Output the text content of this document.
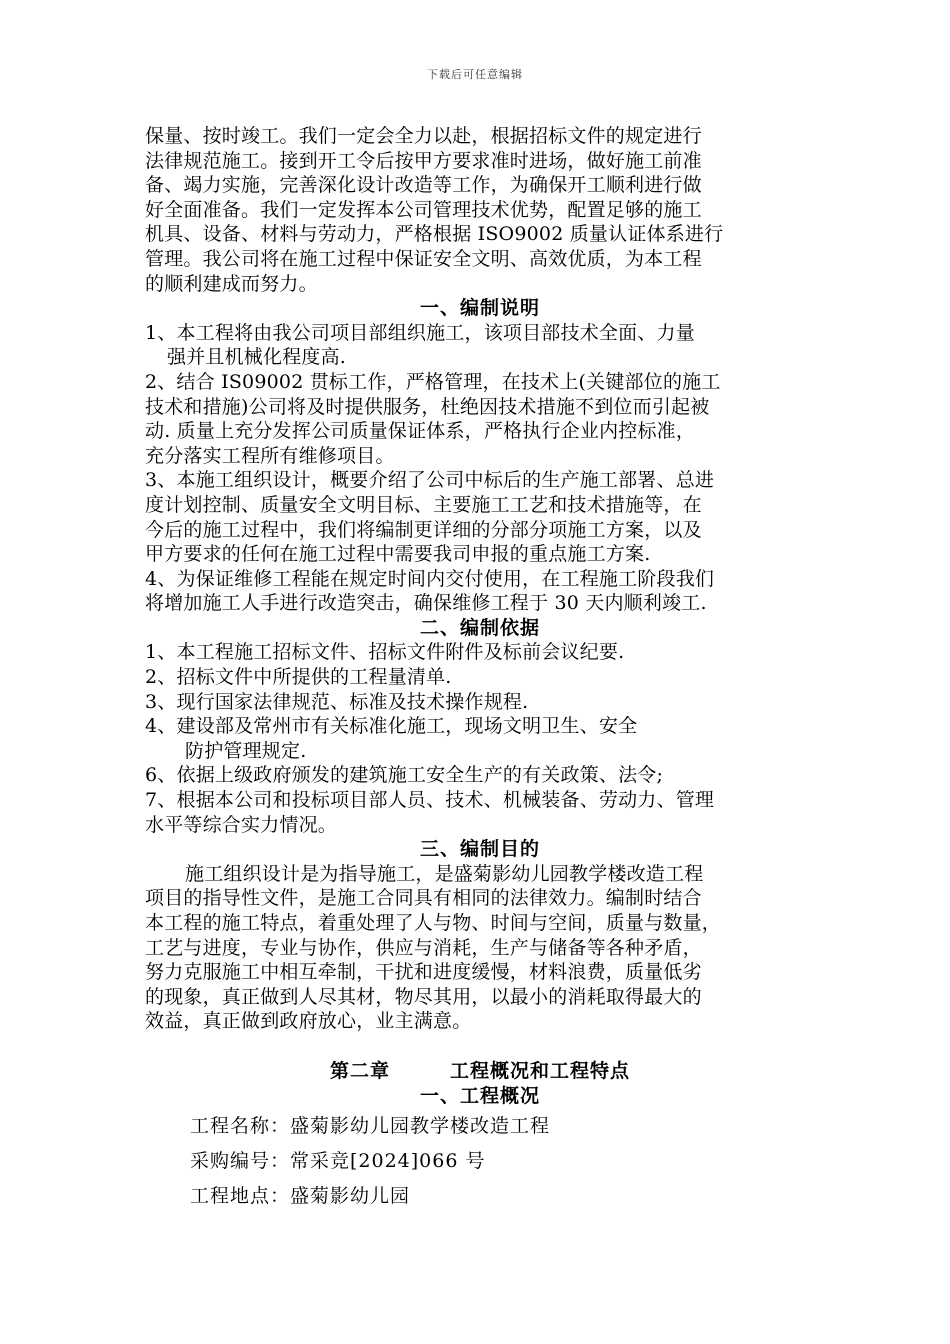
下载后可任意编辑
保量、按时竣工。我们一定会全力以赴，根据招标文件的规定进行
法律规范施工。接到开工令后按甲方要求准时进场，做好施工前准
备、竭力实施，完善深化设计改造等工作，为确保开工顺利进行做
好全面准备。我们一定发挥本公司管理技术优势，配置足够的施工
机具、设备、材料与劳动力，严格根据 ISO9002 质量认证体系进行
管理。我公司将在施工过程中保证安全文明、高效优质，为本工程
的顺利建成而努力。
一、编制说明
1、本工程将由我公司项目部组织施工，该项目部技术全面、力量
强并且机械化程度高.
2、结合 IS09002 贯标工作，严格管理，在技术上(关键部位的施工
技术和措施)公司将及时提供服务，杜绝因技术措施不到位而引起被
动. 质量上充分发挥公司质量保证体系，严格执行企业内控标准，
充分落实工程所有维修项目。
3、本施工组织设计，概要介绍了公司中标后的生产施工部署、总进
度计划控制、质量安全文明目标、主要施工工艺和技术措施等，在
今后的施工过程中，我们将编制更详细的分部分项施工方案，以及
甲方要求的任何在施工过程中需要我司申报的重点施工方案.
4、为保证维修工程能在规定时间内交付使用，在工程施工阶段我们
将增加施工人手进行改造突击，确保维修工程于 30 天内顺利竣工.
二、编制依据
1、本工程施工招标文件、招标文件附件及标前会议纪要.
2、招标文件中所提供的工程量清单.
3、现行国家法律规范、标准及技术操作规程.
4、建设部及常州市有关标准化施工，现场文明卫生、安全
防护管理规定.
6、依据上级政府颁发的建筑施工安全生产的有关政策、法令;
7、根据本公司和投标项目部人员、技术、机械装备、劳动力、管理
水平等综合实力情况。
三、编制目的
施工组织设计是为指导施工，是盛菊影幼儿园教学楼改造工程
项目的指导性文件，是施工合同具有相同的法律效力。编制时结合
本工程的施工特点，着重处理了人与物、时间与空间，质量与数量，
工艺与进度，专业与协作，供应与消耗，生产与储备等各种矛盾，
努力克服施工中相互牵制，干扰和进度缓慢，材料浪费，质量低劣
的现象，真正做到人尽其材，物尽其用，以最小的消耗取得最大的
效益，真正做到政府放心，业主满意。
第二章	工程概况和工程特点
一、工程概况
工程名称：盛菊影幼儿园教学楼改造工程
采购编号：常采竞[2024]066 号
工程地点：盛菊影幼儿园
